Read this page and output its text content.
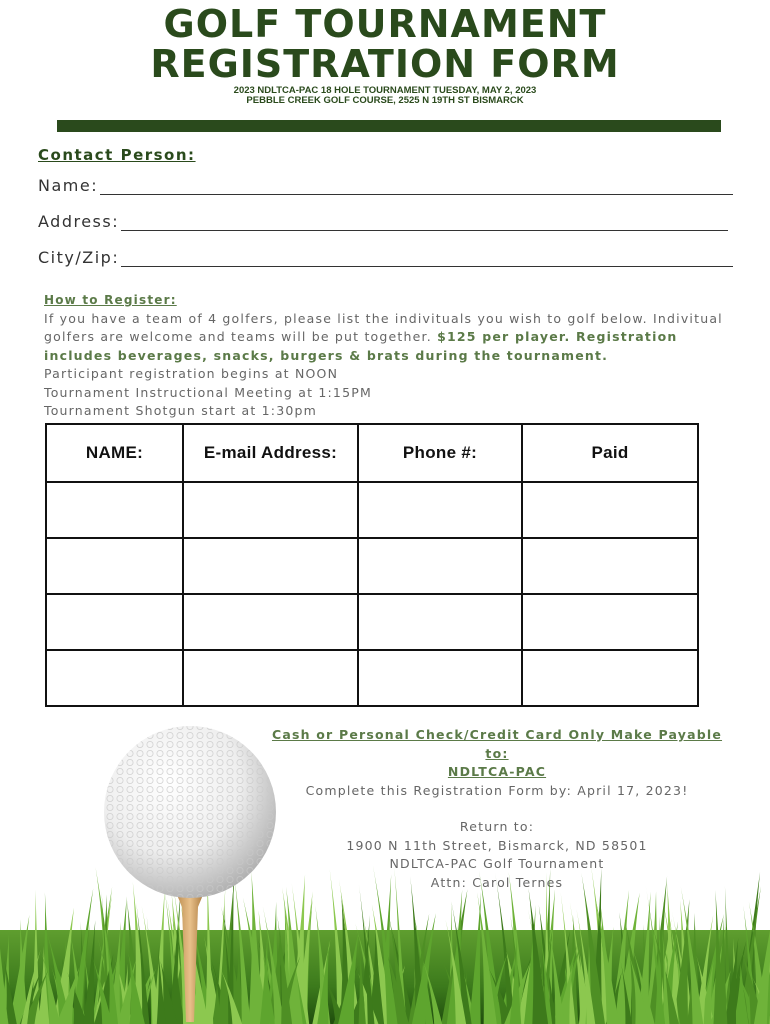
GOLF TOURNAMENT
REGISTRATION FORM
2023 NDLTCA-PAC 18 HOLE TOURNAMENT TUESDAY, MAY 2, 2023
PEBBLE CREEK GOLF COURSE, 2525 N 19TH ST BISMARCK
Contact Person:
Name:
Address:
City/Zip:
How to Register:
If you have a team of 4 golfers, please list the indivituals you wish to golf below. Indivitual golfers are welcome and teams will be put together. $125 per player. Registration includes beverages, snacks, burgers & brats during the tournament.
Participant registration begins at NOON
Tournament Instructional Meeting at 1:15PM
Tournament Shotgun start at 1:30pm
NAME:	E-mail Address:	Phone #:	Paid

Cash or Personal Check/Credit Card Only Make Payable to:
NDLTCA-PAC
Complete this Registration Form by: April 17, 2023!
Return to:
1900 N 11th Street, Bismarck, ND 58501
NDLTCA-PAC Golf Tournament
Attn: Carol Ternes
